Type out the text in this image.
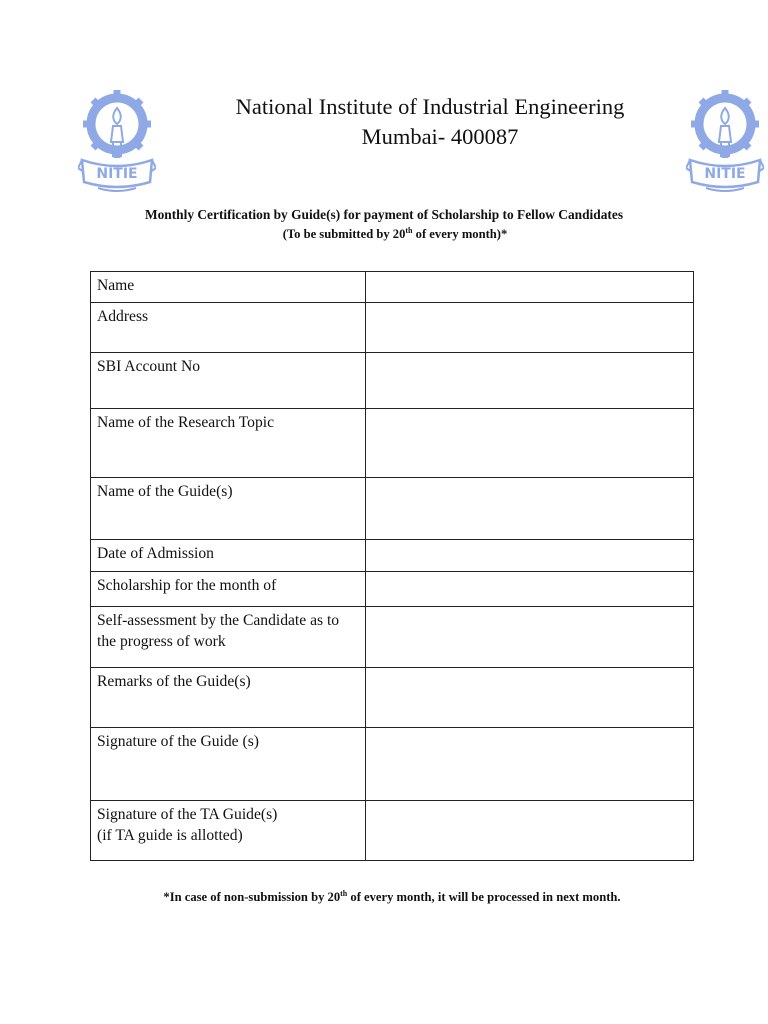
NITIE	NITIE
National Institute of Industrial Engineering
Mumbai- 400087
Monthly Certification by Guide(s) for payment of Scholarship to Fellow Candidates
(To be submitted by 20th of every month)*
Name	
Address	
SBI Account No	
Name of the Research Topic	
Name of the Guide(s)	
Date of Admission	
Scholarship for the month of	
Self-assessment by the Candidate as to the progress of work	
Remarks of the Guide(s)	
Signature of the Guide (s)	

Signature of the TA Guide(s)
(if TA guide is allotted)	

*In case of non-submission by 20th of every month, it will be processed in next month.
